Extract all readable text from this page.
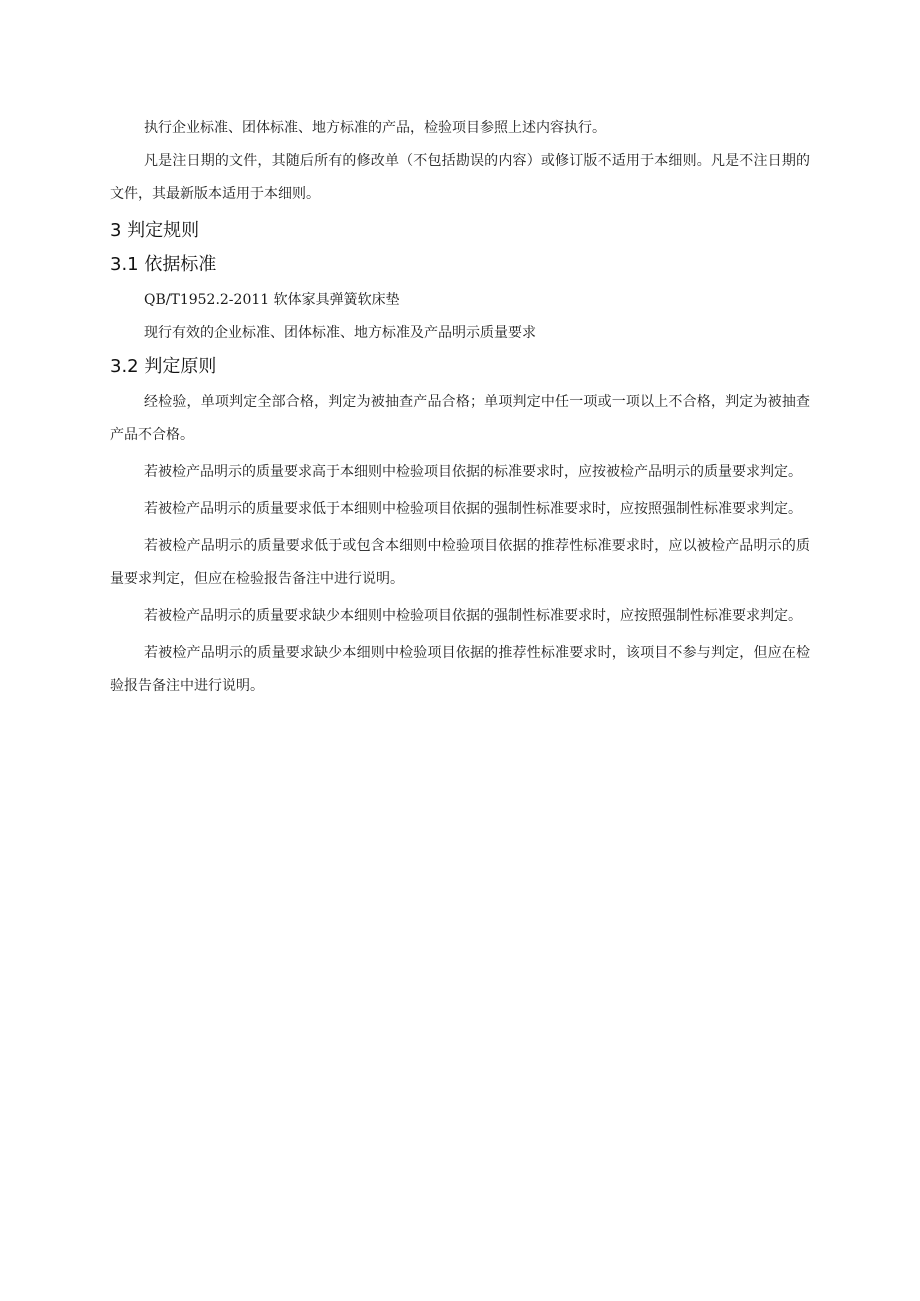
执行企业标准、团体标准、地方标准的产品，检验项目参照上述内容执行。

凡是注日期的文件，其随后所有的修改单（不包括勘误的内容）或修订版不适用于本细则。凡是不注日期的文件，其最新版本适用于本细则。

3 判定规则
3.1 依据标准

QB/T1952.2-2011 软体家具弹簧软床垫

现行有效的企业标准、团体标准、地方标准及产品明示质量要求

3.2 判定原则

经检验，单项判定全部合格，判定为被抽查产品合格；单项判定中任一项或一项以上不合格，判定为被抽查产品不合格。

若被检产品明示的质量要求高于本细则中检验项目依据的标准要求时，应按被检产品明示的质量要求判定。

若被检产品明示的质量要求低于本细则中检验项目依据的强制性标准要求时，应按照强制性标准要求判定。

若被检产品明示的质量要求低于或包含本细则中检验项目依据的推荐性标准要求时，应以被检产品明示的质量要求判定，但应在检验报告备注中进行说明。

若被检产品明示的质量要求缺少本细则中检验项目依据的强制性标准要求时，应按照强制性标准要求判定。

若被检产品明示的质量要求缺少本细则中检验项目依据的推荐性标准要求时，该项目不参与判定，但应在检验报告备注中进行说明。
